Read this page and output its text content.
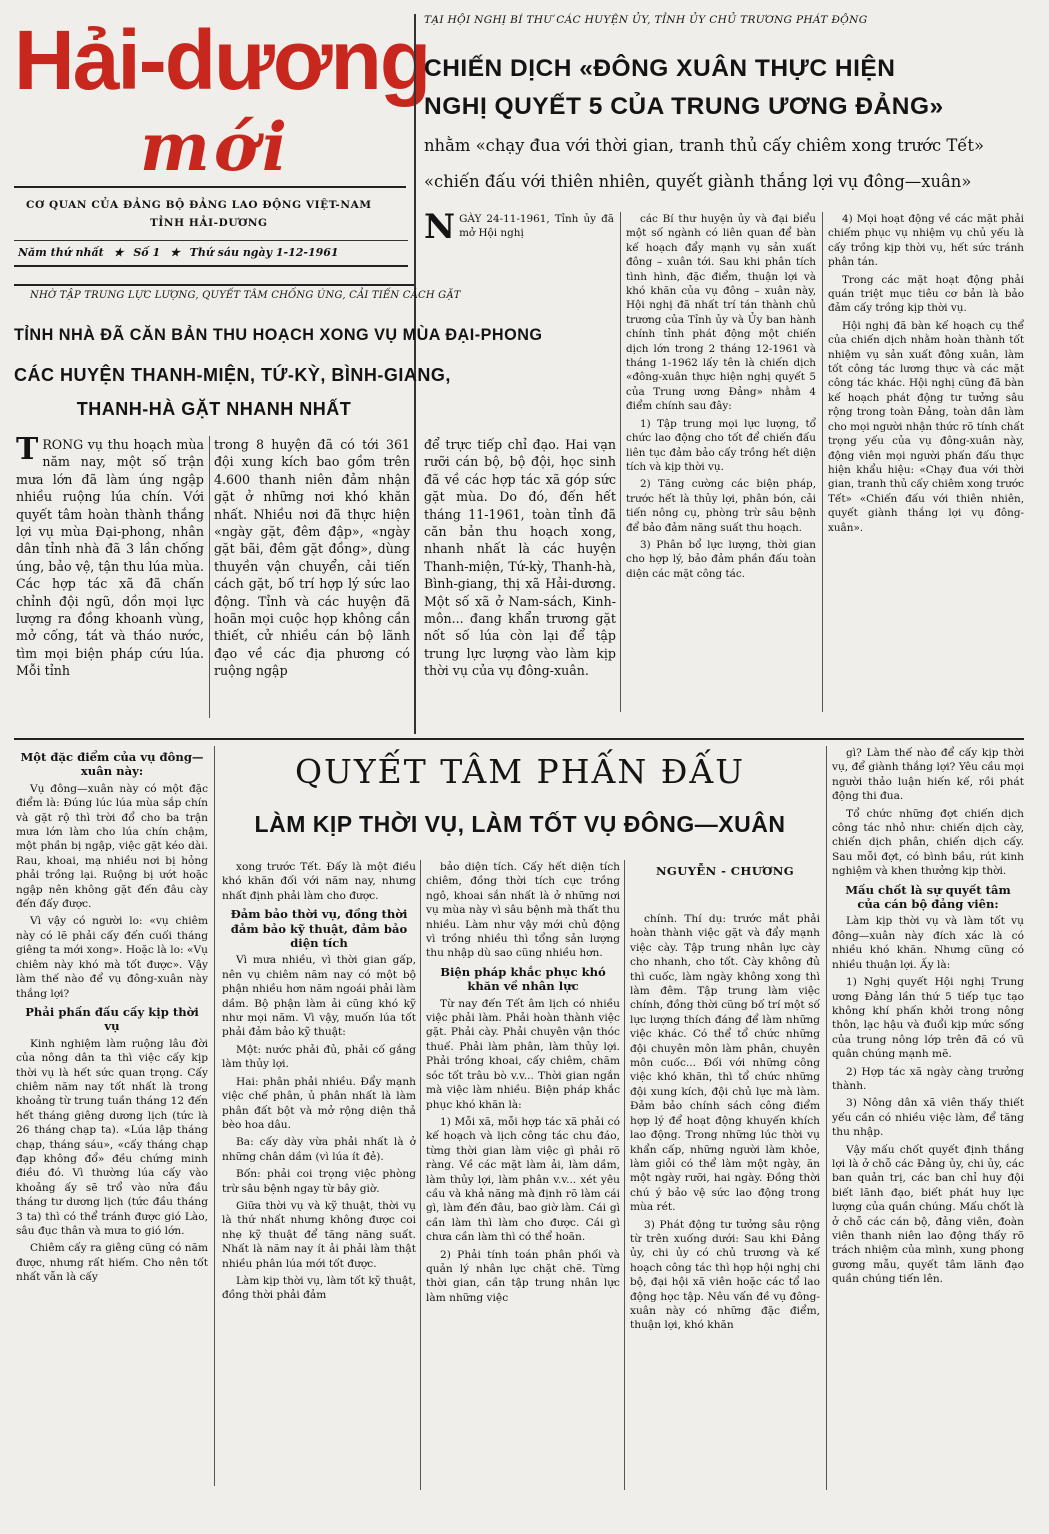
Hải-dương
mới
CƠ QUAN CỦA ĐẢNG BỘ ĐẢNG LAO ĐỘNG VIỆT-NAM
TỈNH HẢI-DƯƠNG
Năm thứ nhất ★ Số 1 ★ Thứ sáu ngày 1-12-1961
TẠI HỘI NGHỊ BÍ THƯ CÁC HUYỆN ỦY, TỈNH ỦY CHỦ TRƯƠNG PHÁT ĐỘNG
CHIẾN DỊCH «ĐÔNG XUÂN THỰC HIỆN
NGHỊ QUYẾT 5 CỦA TRUNG ƯƠNG ĐẢNG»
nhằm «chạy đua với thời gian, tranh thủ cấy chiêm xong trước Tết»
«chiến đấu với thiên nhiên, quyết giành thắng lợi vụ đông—xuân»
N GÀY 24-11-1961, Tỉnh ủy đã mở Hội nghị

các Bí thư huyện ủy và đại biểu một số ngành có liên quan để bàn kế hoạch đẩy mạnh vụ sản xuất đông – xuân tới. Sau khi phân tích tình hình, đặc điểm, thuận lợi và khó khăn của vụ đông – xuân này, Hội nghị đã nhất trí tán thành chủ trương của Tỉnh ủy và Ủy ban hành chính tỉnh phát động một chiến dịch lớn trong 2 tháng 12-1961 và tháng 1-1962 lấy tên là chiến dịch «đông-xuân thực hiện nghị quyết 5 của Trung ương Đảng» nhằm 4 điểm chính sau đây:

1) Tập trung mọi lực lượng, tổ chức lao động cho tốt để chiến đấu liên tục đảm bảo cấy trồng hết diện tích và kịp thời vụ.

2) Tăng cường các biện pháp, trước hết là thủy lợi, phân bón, cải tiến nông cụ, phòng trừ sâu bệnh để bảo đảm năng suất thu hoạch.

3) Phân bổ lực lượng, thời gian cho hợp lý, bảo đảm phần đấu toàn diện các mặt công tác.

4) Mọi hoạt động về các mặt phải chiếm phục vụ nhiệm vụ chủ yếu là cấy trồng kịp thời vụ, hết sức tránh phân tán.

Trong các mặt hoạt động phải quán triệt mục tiêu cơ bản là bảo đảm cấy trồng kịp thời vụ.

Hội nghị đã bàn kế hoạch cụ thể của chiến dịch nhằm hoàn thành tốt nhiệm vụ sản xuất đông xuân, làm tốt công tác lương thực và các mặt công tác khác. Hội nghị cũng đã bàn kế hoạch phát động tư tưởng sâu rộng trong toàn Đảng, toàn dân làm cho mọi người nhận thức rõ tính chất trọng yếu của vụ đông-xuân này, động viên mọi người phấn đấu thực hiện khẩu hiệu: «Chạy đua với thời gian, tranh thủ cấy chiêm xong trước Tết» «Chiến đấu với thiên nhiên, quyết giành thắng lợi vụ đông-xuân».

NHỜ TẬP TRUNG LỰC LƯỢNG, QUYẾT TÂM CHỐNG ÚNG, CẢI TIẾN CÁCH GẶT
TỈNH NHÀ ĐÃ CĂN BẢN THU HOẠCH XONG VỤ MÙA ĐẠI-PHONG
CÁC HUYỆN THANH-MIỆN, TỨ-KỲ, BÌNH-GIANG,
THANH-HÀ GẶT NHANH NHẤT
T RONG vụ thu hoạch mùa năm nay, một số trận mưa lớn đã làm úng ngập nhiều ruộng lúa chín. Với quyết tâm hoàn thành thắng lợi vụ mùa Đại-phong, nhân dân tỉnh nhà đã 3 lần chống úng, bảo vệ, tận thu lúa mùa. Các hợp tác xã đã chấn chỉnh đội ngũ, dồn mọi lực lượng ra đồng khoanh vùng, mở cống, tát và tháo nước, tìm mọi biện pháp cứu lúa. Mỗi tỉnh
trong 8 huyện đã có tới 361 đội xung kích bao gồm trên 4.600 thanh niên đảm nhận gặt ở những nơi khó khăn nhất. Nhiều nơi đã thực hiện «ngày gặt, đêm đập», «ngày gặt bãi, đêm gặt đồng», dùng thuyền vận chuyển, cải tiến cách gặt, bố trí hợp lý sức lao động. Tỉnh và các huyện đã hoãn mọi cuộc họp không cần thiết, cử nhiều cán bộ lãnh đạo về các địa phương có ruộng ngập
để trực tiếp chỉ đạo. Hai vạn rưỡi cán bộ, bộ đội, học sinh đã về các hợp tác xã góp sức gặt mùa. Do đó, đến hết tháng 11-1961, toàn tỉnh đã căn bản thu hoạch xong, nhanh nhất là các huyện Thanh-miện, Tứ-kỳ, Thanh-hà, Bình-giang, thị xã Hải-dương. Một số xã ở Nam-sách, Kinh-môn... đang khẩn trương gặt nốt số lúa còn lại để tập trung lực lượng vào làm kịp thời vụ của vụ đông-xuân.
Một đặc điểm của vụ đông—xuân này:

Vụ đông—xuân này có một đặc điểm là: Đúng lúc lúa mùa sắp chín và gặt rộ thì trời đổ cho ba trận mưa lớn làm cho lúa chín chậm, một phần bị ngập, việc gặt kéo dài. Rau, khoai, mạ nhiều nơi bị hỏng phải trồng lại. Ruộng bị ướt hoặc ngập nên không gặt đến đâu cày đến đấy được.

Vì vậy có người lo: «vụ chiêm này có lẽ phải cấy đến cuối tháng giêng ta mới xong». Hoặc là lo: «Vụ chiêm này khó mà tốt được». Vậy làm thế nào để vụ đông-xuân này thắng lợi?

Phải phấn đấu cấy kịp thời vụ

Kinh nghiệm làm ruộng lâu đời của nông dân ta thì việc cấy kịp thời vụ là hết sức quan trọng. Cấy chiêm năm nay tốt nhất là trong khoảng từ trung tuần tháng 12 đến hết tháng giêng dương lịch (tức là 26 tháng chạp ta). «Lúa lập tháng chạp, tháng sáu», «cấy tháng chạp đạp không đổ» đều chứng minh điều đó. Vì thường lúa cấy vào khoảng ấy sẽ trổ vào nửa đầu tháng tư dương lịch (tức đầu tháng 3 ta) thì có thể tránh được gió Lào, sâu đục thân và mưa to gió lớn.

Chiêm cấy ra giêng cũng có năm được, nhưng rất hiếm. Cho nên tốt nhất vẫn là cấy

QUYẾT TÂM PHẤN ĐẤU
LÀM KỊP THỜI VỤ, LÀM TỐT VỤ ĐÔNG—XUÂN
NGUYỄN - CHƯƠNG

xong trước Tết. Đấy là một điều khó khăn đối với năm nay, nhưng nhất định phải làm cho được.

Đảm bảo thời vụ, đồng thời đảm bảo kỹ thuật, đảm bảo diện tích

Vì mưa nhiều, vì thời gian gấp, nên vụ chiêm năm nay có một bộ phận nhiều hơn năm ngoái phải làm dầm. Bộ phận làm ải cũng khó kỹ như mọi năm. Vì vậy, muốn lúa tốt phải đảm bảo kỹ thuật:

Một: nước phải đủ, phải cố gắng làm thủy lợi.

Hai: phân phải nhiều. Đẩy mạnh việc chế phân, ủ phân nhất là làm phân đất bột và mở rộng diện thả bèo hoa dâu.

Ba: cấy dày vừa phải nhất là ở những chân dầm (vì lúa ít đẻ).

Bốn: phải coi trọng việc phòng trừ sâu bệnh ngay từ bây giờ.

Giữa thời vụ và kỹ thuật, thời vụ là thứ nhất nhưng không được coi nhẹ kỹ thuật để tăng năng suất. Nhất là năm nay ít ải phải làm thật nhiều phân lúa mới tốt được.

Làm kịp thời vụ, làm tốt kỹ thuật, đồng thời phải đảm

bảo diện tích. Cấy hết diện tích chiêm, đồng thời tích cực trồng ngô, khoai sắn nhất là ở những nơi vụ mùa này vì sâu bệnh mà thất thu nhiều. Làm như vậy mới chủ động vì trồng nhiều thì tổng sản lượng thu nhập dù sao cũng nhiều hơn.

Biện pháp khắc phục khó khăn về nhân lực

Từ nay đến Tết âm lịch có nhiều việc phải làm. Phải hoàn thành việc gặt. Phải cày. Phải chuyên vận thóc thuế. Phải làm phân, làm thủy lợi. Phải trồng khoai, cấy chiêm, chăm sóc tốt trâu bò v.v... Thời gian ngắn mà việc làm nhiều. Biện pháp khắc phục khó khăn là:

1) Mỗi xã, mỗi hợp tác xã phải có kế hoạch và lịch công tác chu đáo, từng thời gian làm việc gì phải rõ ràng. Về các mặt làm ải, làm dầm, làm thủy lợi, làm phân v.v... xét yêu cầu và khả năng mà định rõ làm cái gì, làm đến đâu, bao giờ làm. Cái gì cần làm thì làm cho được. Cái gì chưa cần làm thì có thể hoãn.

2) Phải tính toán phân phối và quản lý nhân lực chặt chẽ. Từng thời gian, cần tập trung nhân lực làm những việc

chính. Thí dụ: trước mắt phải hoàn thành việc gặt và đẩy mạnh việc cày. Tập trung nhân lực cày cho nhanh, cho tốt. Cày không đủ thì cuốc, làm ngày không xong thì làm đêm. Tập trung làm việc chính, đồng thời cũng bố trí một số lực lượng thích đáng để làm những việc khác. Có thể tổ chức những đội chuyên môn làm phân, chuyên môn cuốc... Đối với những công việc khó khăn, thì tổ chức những đội xung kích, đội chủ lực mà làm. Đảm bảo chính sách công điểm hợp lý để hoạt động khuyến khích lao động. Trong những lúc thời vụ khẩn cấp, những người làm khỏe, làm giỏi có thể làm một ngày, ăn một ngày rưỡi, hai ngày. Đồng thời chú ý bảo vệ sức lao động trong mùa rét.

3) Phát động tư tưởng sâu rộng từ trên xuống dưới: Sau khi Đảng ủy, chi ủy có chủ trương và kế hoạch công tác thì họp hội nghị chi bộ, đại hội xã viên hoặc các tổ lao động học tập. Nêu vấn đề vụ đông-xuân này có những đặc điểm, thuận lợi, khó khăn

gì? Làm thế nào để cấy kịp thời vụ, để giành thắng lợi? Yêu cầu mọi người thảo luận hiến kế, rồi phát động thi đua.

Tổ chức những đợt chiến dịch công tác nhỏ như: chiến dịch cày, chiến dịch phân, chiến dịch cấy. Sau mỗi đợt, có bình bầu, rút kinh nghiệm và khen thưởng kịp thời.

Mấu chốt là sự quyết tâm của cán bộ đảng viên:

Làm kịp thời vụ và làm tốt vụ đông—xuân này đích xác là có nhiều khó khăn. Nhưng cũng có nhiều thuận lợi. Ấy là:

1) Nghị quyết Hội nghị Trung ương Đảng lần thứ 5 tiếp tục tạo không khí phấn khởi trong nông thôn, lạc hậu và đuổi kịp mức sống của trung nông lớp trên đã có vũ quân chúng mạnh mẽ.

2) Hợp tác xã ngày càng trưởng thành.

3) Nông dân xã viên thấy thiết yếu cần có nhiều việc làm, để tăng thu nhập.

Vậy mấu chốt quyết định thắng lợi là ở chỗ các Đảng ủy, chi ủy, các ban quản trị, các ban chỉ huy đội biết lãnh đạo, biết phát huy lực lượng của quần chúng. Mấu chốt là ở chỗ các cán bộ, đảng viên, đoàn viên thanh niên lao động thấy rõ trách nhiệm của mình, xung phong gương mẫu, quyết tâm lãnh đạo quần chúng tiến lên.
